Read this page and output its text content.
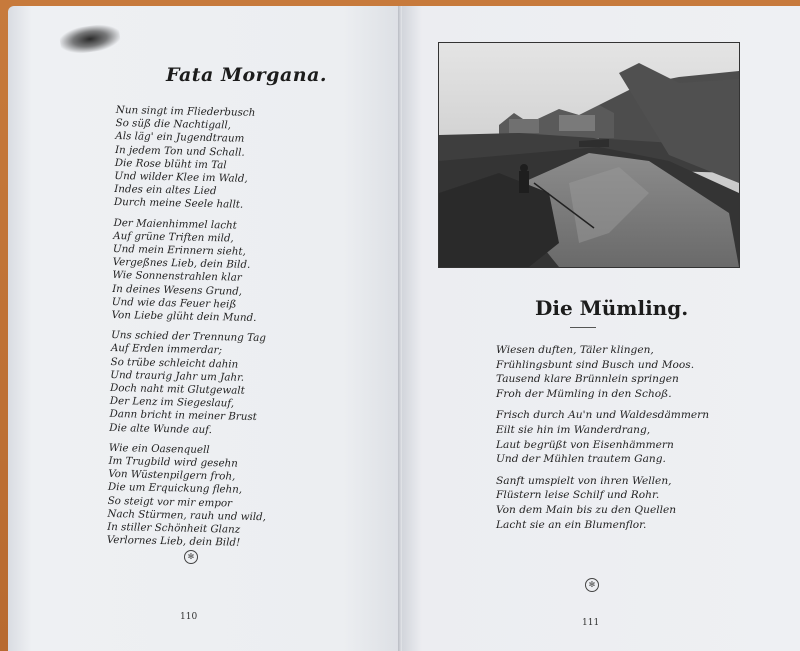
Fata Morgana.
Nun singt im Fliederbusch
So süß die Nachtigall,
Als läg' ein Jugendtraum
In jedem Ton und Schall.
Die Rose blüht im Tal
Und wilder Klee im Wald,
Indes ein altes Lied
Durch meine Seele hallt.
Der Maienhimmel lacht
Auf grüne Triften mild,
Und mein Erinnern sieht,
Vergeßnes Lieb, dein Bild.
Wie Sonnenstrahlen klar
In deines Wesens Grund,
Und wie das Feuer heiß
Von Liebe glüht dein Mund.
Uns schied der Trennung Tag
Auf Erden immerdar;
So trübe schleicht dahin
Und traurig Jahr um Jahr.
Doch naht mit Glutgewalt
Der Lenz im Siegeslauf,
Dann bricht in meiner Brust
Die alte Wunde auf.
Wie ein Oasenquell
Im Trugbild wird gesehn
Von Wüstenpilgern froh,
Die um Erquickung flehn,
So steigt vor mir empor
Nach Stürmen, rauh und wild,
In stiller Schönheit Glanz
Verlornes Lieb, dein Bild!
✻
110
Die Mümling.
Wiesen duften, Täler klingen,
Frühlingsbunt sind Busch und Moos.
Tausend klare Brünnlein springen
Froh der Mümling in den Schoß.
Frisch durch Au'n und Waldesdämmern
Eilt sie hin im Wanderdrang,
Laut begrüßt von Eisenhämmern
Und der Mühlen trautem Gang.
Sanft umspielt von ihren Wellen,
Flüstern leise Schilf und Rohr.
Von dem Main bis zu den Quellen
Lacht sie an ein Blumenflor.
✻
111
